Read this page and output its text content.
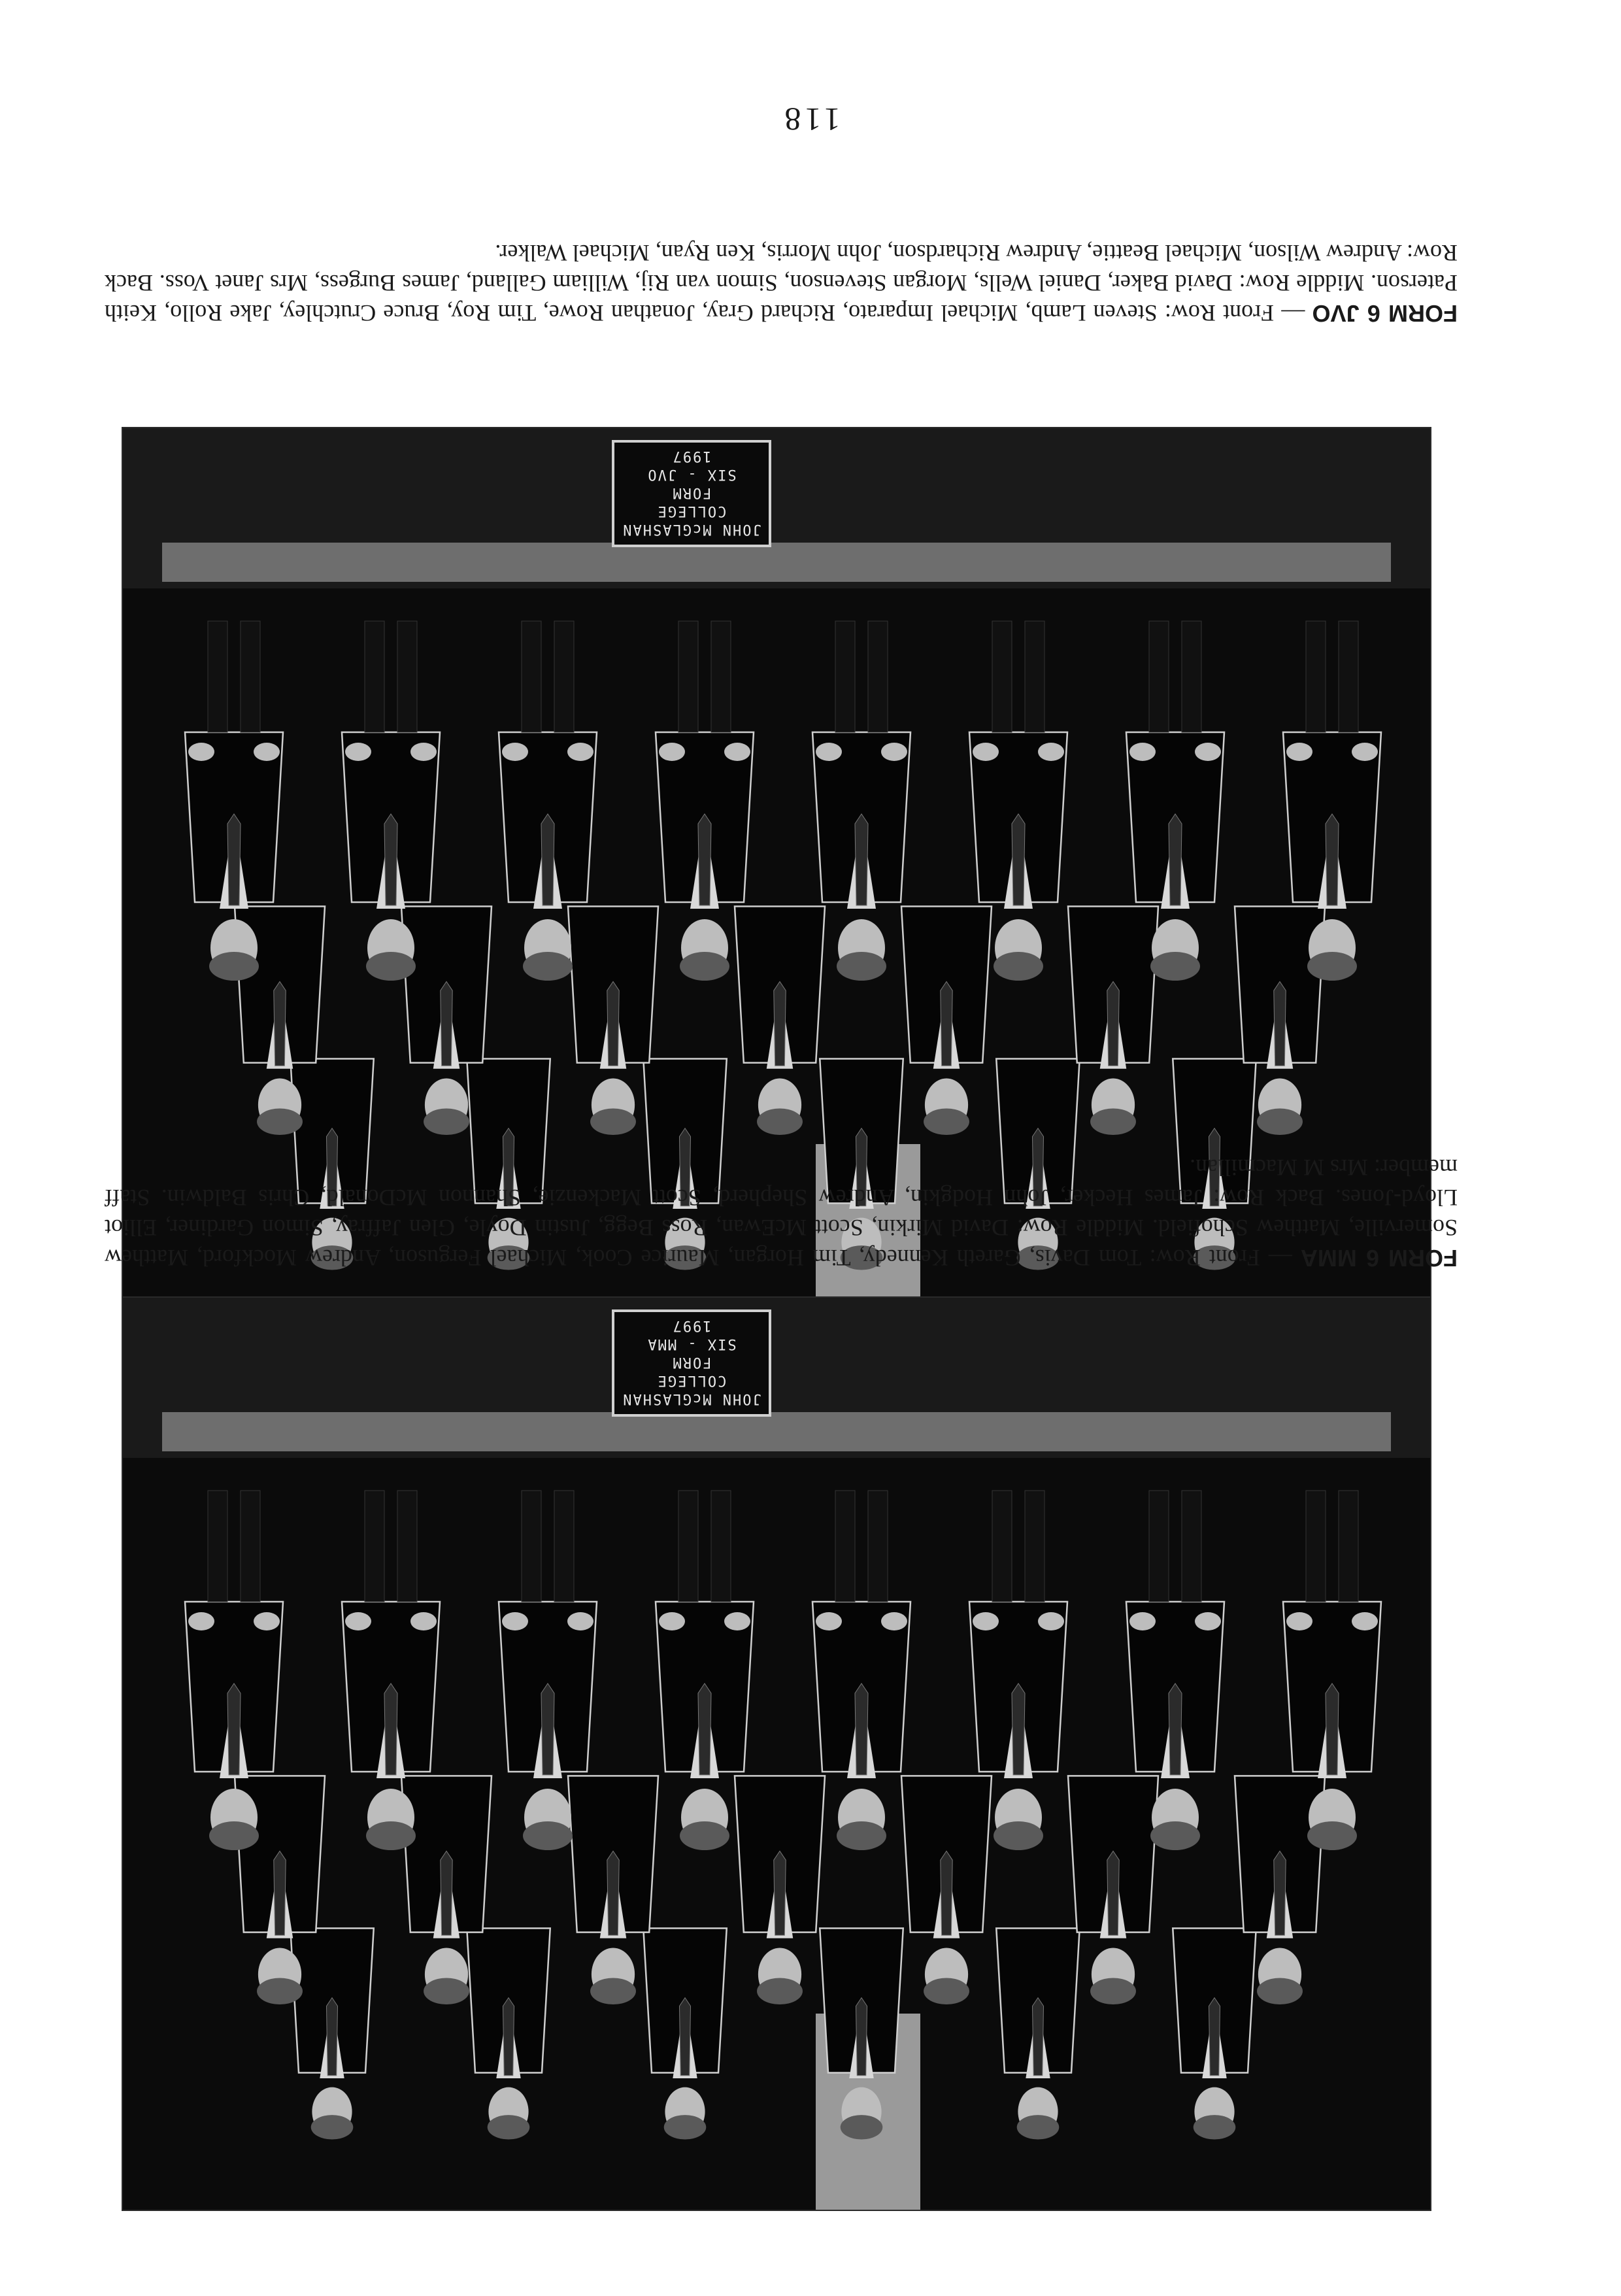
118
JOHN McGLASHAN
COLLEGE
FORM
SIX - JVO
1997
FORM 6 JVO — Front Row: Steven Lamb, Michael Imparato, Richard Gray, Jonathan Rowe, Tim Roy, Bruce Crutchley, Jake Rollo, Keith Paterson. Middle Row: David Baker, Daniel Wells, Morgan Stevenson, Simon van Rij, William Galland, James Burgess, Mrs Janet Voss. Back Row: Andrew Wilson, Michael Beattie, Andrew Richardson, John Morris, Ken Ryan, Michael Walker.
JOHN McGLASHAN
COLLEGE
FORM
SIX - MMA
1997
FORM 6 MMA — Front Row: Tom Davis, Gareth Kennedy, Tim Horgan, Maurice Cook, Michael Ferguson, Andrew Mockford, Matthew Somerville, Matthew Schofield. Middle Row: David Mirkin, Scott McEwan, Ross Begg, Justin Doyle, Glen Jaffray, Simon Gardiner, Elliot Lloyd-Jones. Back Row: James Hecker, John Hodgkin, Andrew Shepherd, Scott Mackenzie, Shannon McDonald, Chris Baldwin. Staff member: Mrs M Macmillan.
